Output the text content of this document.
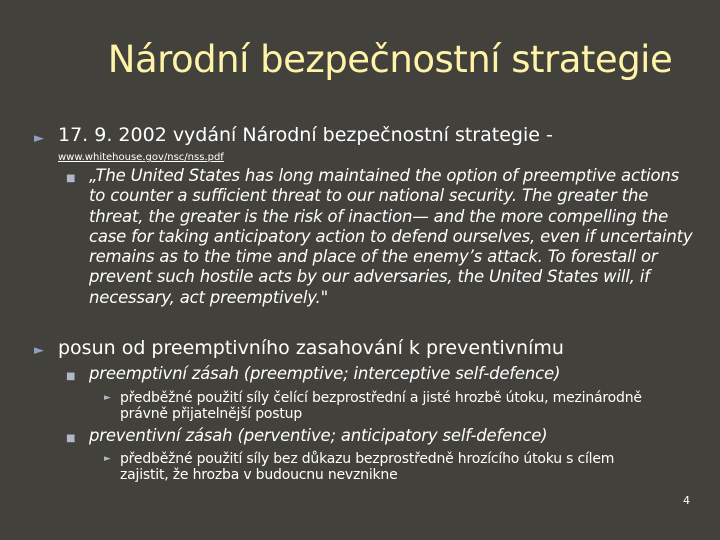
Národní bezpečnostní strategie
► 17. 9. 2002 vydání Národní bezpečnostní strategie -
www.whitehouse.gov/nsc/nss.pdf
■ „The United States has long maintained the option of preemptive actions to counter a sufficient threat to our national security. The greater the threat, the greater is the risk of inaction— and the more compelling the case for taking anticipatory action to defend ourselves, even if uncertainty remains as to the time and place of the enemy’s attack. To forestall or prevent such hostile acts by our adversaries, the United States will, if necessary, act preemptively."
► posun od preemptivního zasahování k preventivnímu
■ preemptivní zásah (preemptive; interceptive self-defence)
► předběžné použití síly čelící bezprostřední a jisté hrozbě útoku, mezinárodně právně přijatelnější postup
■ preventivní zásah (perventive; anticipatory self-defence)
► předběžné použití síly bez důkazu bezprostředně hrozícího útoku s cílem zajistit, že hrozba v budoucnu nevznikne
4
